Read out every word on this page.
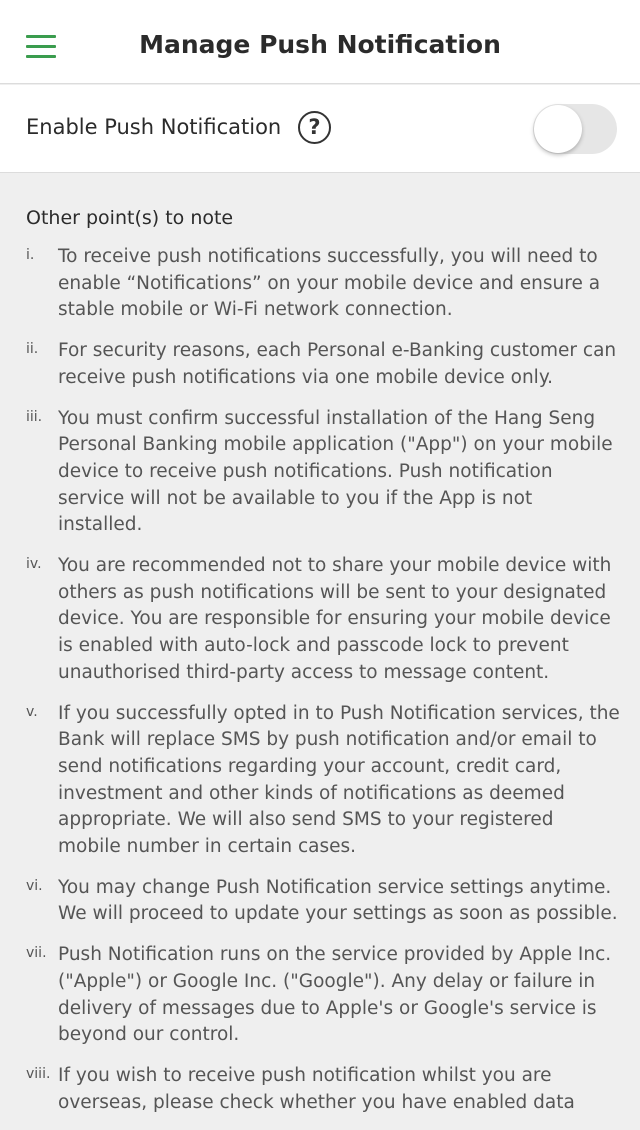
Manage Push Notification
Enable Push Notification	?
Other point(s) to note
i. To receive push notifications successfully, you will need to enable “Notifications” on your mobile device and ensure a stable mobile or Wi-Fi network connection.
ii. For security reasons, each Personal e-Banking customer can receive push notifications via one mobile device only.
iii. You must confirm successful installation of the Hang Seng Personal Banking mobile application ("App") on your mobile device to receive push notifications. Push notification service will not be available to you if the App is not installed.
iv. You are recommended not to share your mobile device with others as push notifications will be sent to your designated device. You are responsible for ensuring your mobile device is enabled with auto-lock and passcode lock to prevent unauthorised third-party access to message content.
v. If you successfully opted in to Push Notification services, the Bank will replace SMS by push notification and/or email to send notifications regarding your account, credit card, investment and other kinds of notifications as deemed appropriate. We will also send SMS to your registered mobile number in certain cases.
vi. You may change Push Notification service settings anytime. We will proceed to update your settings as soon as possible.
vii. Push Notification runs on the service provided by Apple Inc. ("Apple") or Google Inc. ("Google"). Any delay or failure in delivery of messages due to Apple's or Google's service is beyond our control.
viii. If you wish to receive push notification whilst you are overseas, please check whether you have enabled data
